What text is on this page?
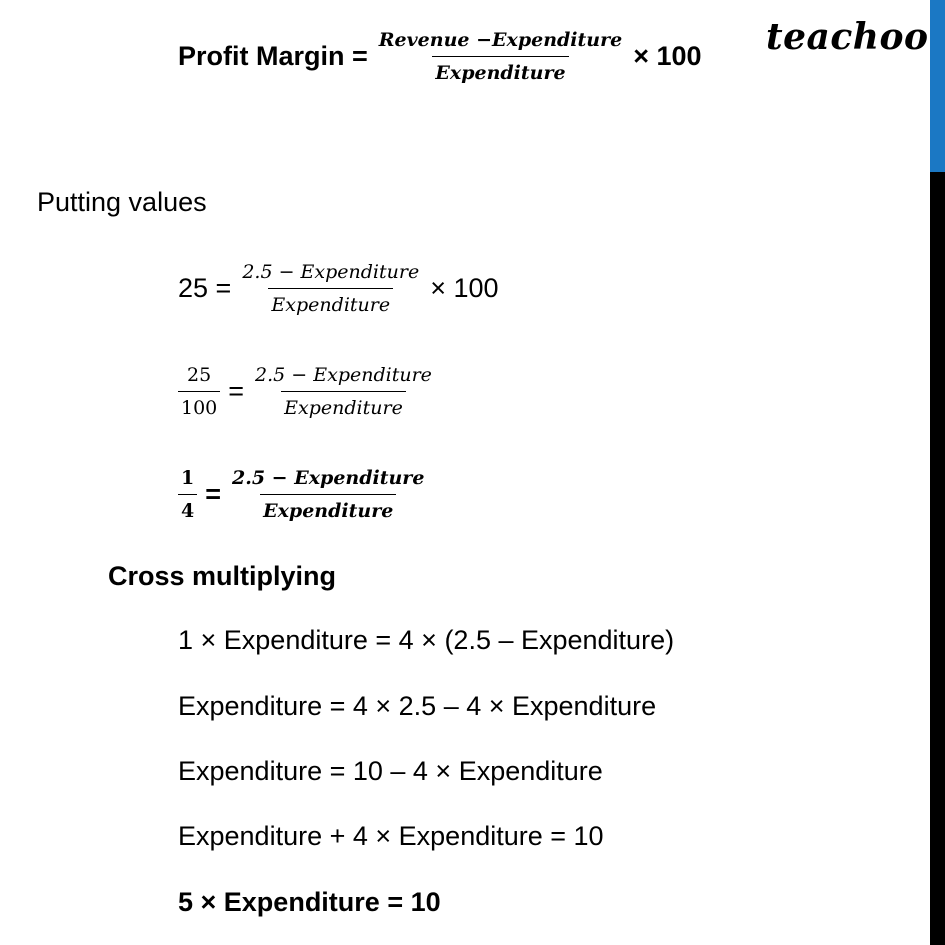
teachoo
Profit Margin = $\frac{\text{Revenue −Expenditure}}{\text{Expenditure}} \times 100$
Putting values
$25 = \frac{\text{2.5 − Expenditure}}{\text{Expenditure}} \times 100$
$\frac{25}{100} = \frac{\text{2.5 − Expenditure}}{\text{Expenditure}}$
$\frac{1}{4} = \frac{\text{2.5 − Expenditure}}{\text{Expenditure}}$
Cross multiplying
1 × Expenditure = 4 × (2.5 – Expenditure)
Expenditure = 4 × 2.5 – 4 × Expenditure
Expenditure = 10 – 4 × Expenditure
Expenditure + 4 × Expenditure = 10
5 × Expenditure = 10
